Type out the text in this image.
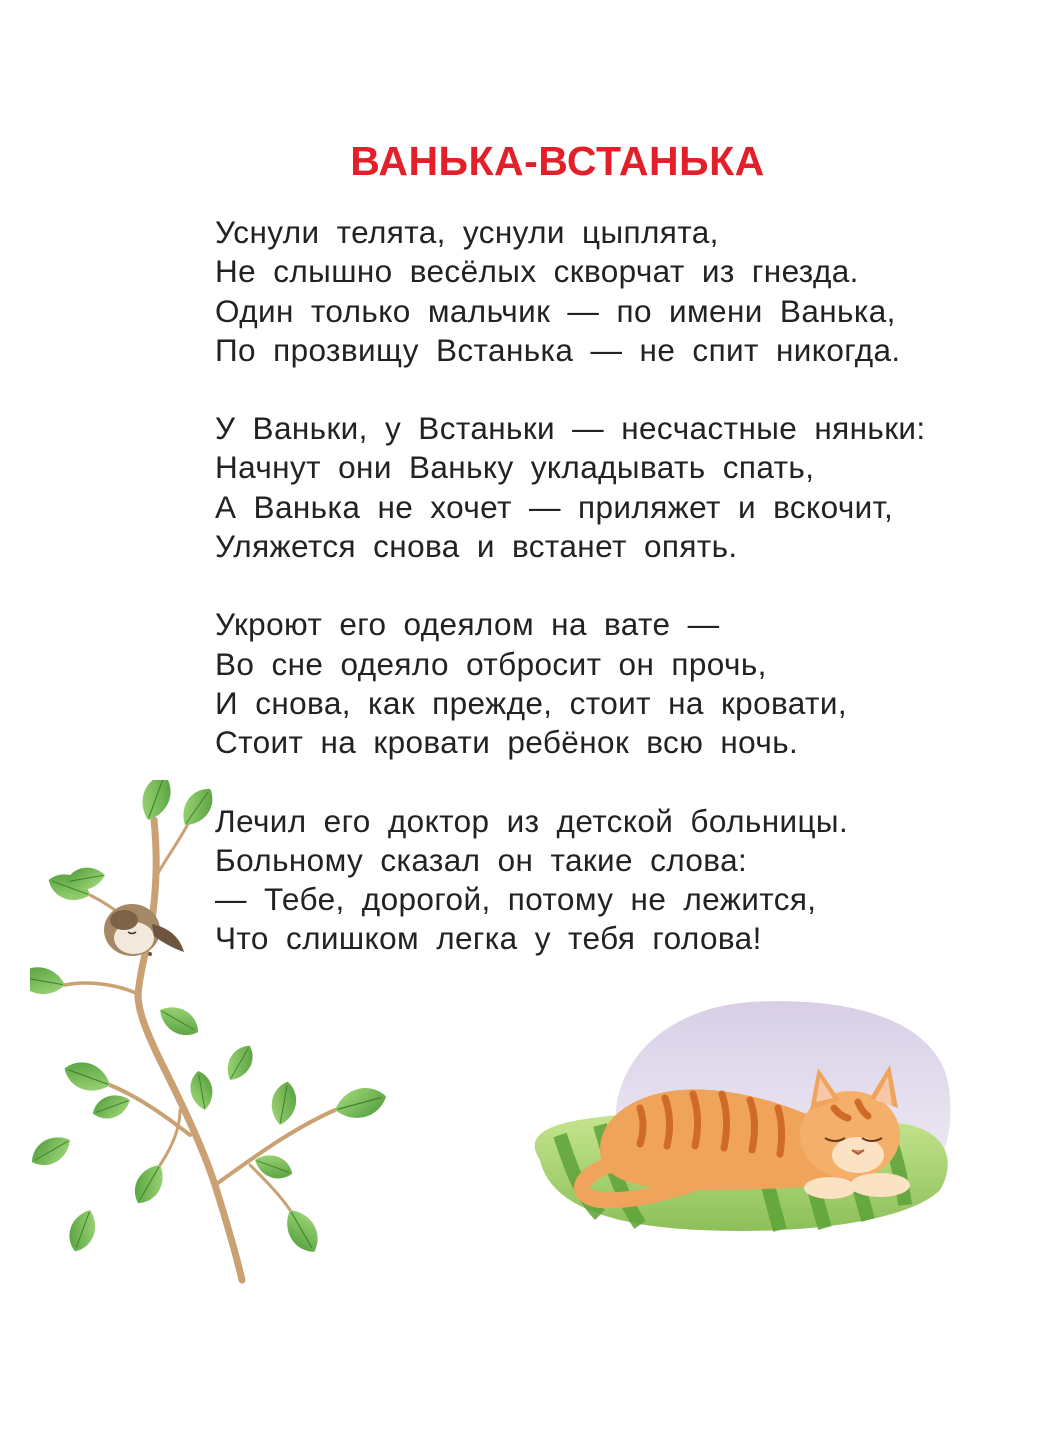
ВАНЬКА-ВСТАНЬКА
Уснули телята, уснули цыплята,
Не слышно весёлых скворчат из гнезда.
Один только мальчик — по имени Ванька,
По прозвищу Встанька — не спит никогда.
У Ваньки, у Встаньки — несчастные няньки:
Начнут они Ваньку укладывать спать,
А Ванька не хочет — приляжет и вскочит,
Уляжется снова и встанет опять.
Укроют его одеялом на вате —
Во сне одеяло отбросит он прочь,
И снова, как прежде, стоит на кровати,
Стоит на кровати ребёнок всю ночь.
Лечил его доктор из детской больницы.
Больному сказал он такие слова:
— Тебе, дорогой, потому не лежится,
Что слишком легка у тебя голова!
